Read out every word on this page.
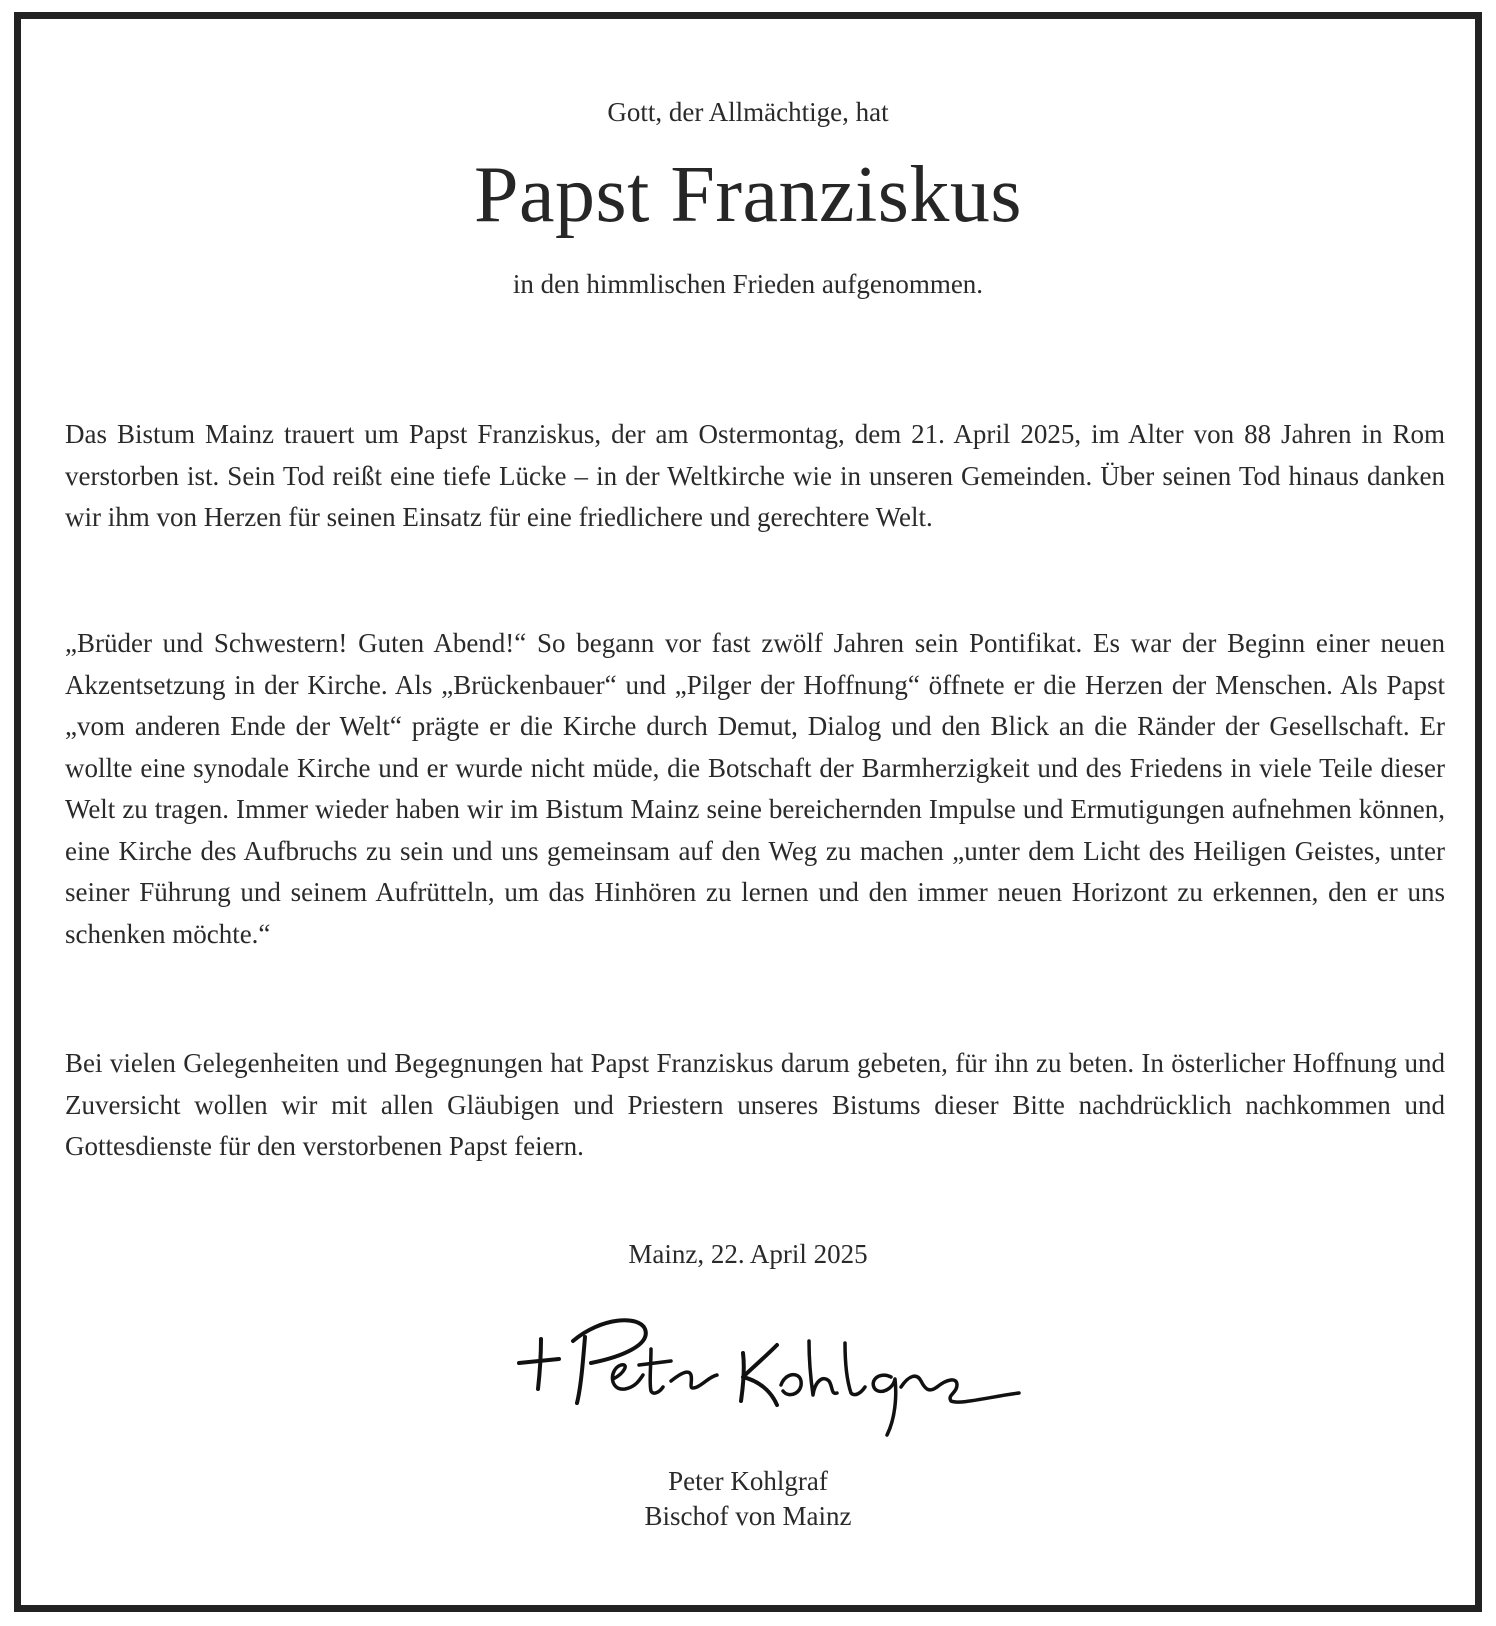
Gott, der Allmächtige, hat
Papst Franziskus
in den himmlischen Frieden aufgenommen.

Das Bistum Mainz trauert um Papst Franziskus, der am Ostermontag, dem 21. April 2025, im Alter von 88 Jahren in Rom verstorben ist. Sein Tod reißt eine tiefe Lücke – in der Weltkirche wie in unseren Gemeinden. Über seinen Tod hinaus danken wir ihm von Herzen für seinen Einsatz für eine friedlichere und gerechtere Welt.

„Brüder und Schwestern! Guten Abend!“ So begann vor fast zwölf Jahren sein Pontifikat. Es war der Beginn einer neuen Akzentsetzung in der Kirche. Als „Brückenbauer“ und „Pilger der Hoffnung“ öffnete er die Herzen der Menschen. Als Papst „vom anderen Ende der Welt“ prägte er die Kirche durch Demut, Dialog und den Blick an die Ränder der Gesellschaft. Er wollte eine synodale Kirche und er wurde nicht müde, die Botschaft der Barmherzigkeit und des Friedens in viele Teile dieser Welt zu tragen. Immer wieder haben wir im Bistum Mainz seine bereichernden Impulse und Ermutigungen aufnehmen können, eine Kirche des Aufbruchs zu sein und uns gemeinsam auf den Weg zu machen „unter dem Licht des Heiligen Geistes, unter seiner Führung und seinem Aufrütteln, um das Hinhören zu lernen und den immer neuen Horizont zu erkennen, den er uns schenken möchte.“

Bei vielen Gelegenheiten und Begegnungen hat Papst Franziskus darum gebeten, für ihn zu beten. In österlicher Hoffnung und Zuversicht wollen wir mit allen Gläubigen und Priestern unseres Bistums dieser Bitte nachdrücklich nachkommen und Gottesdienste für den verstorbenen Papst feiern.

Mainz, 22. April 2025
Peter Kohlgraf
Bischof von Mainz
